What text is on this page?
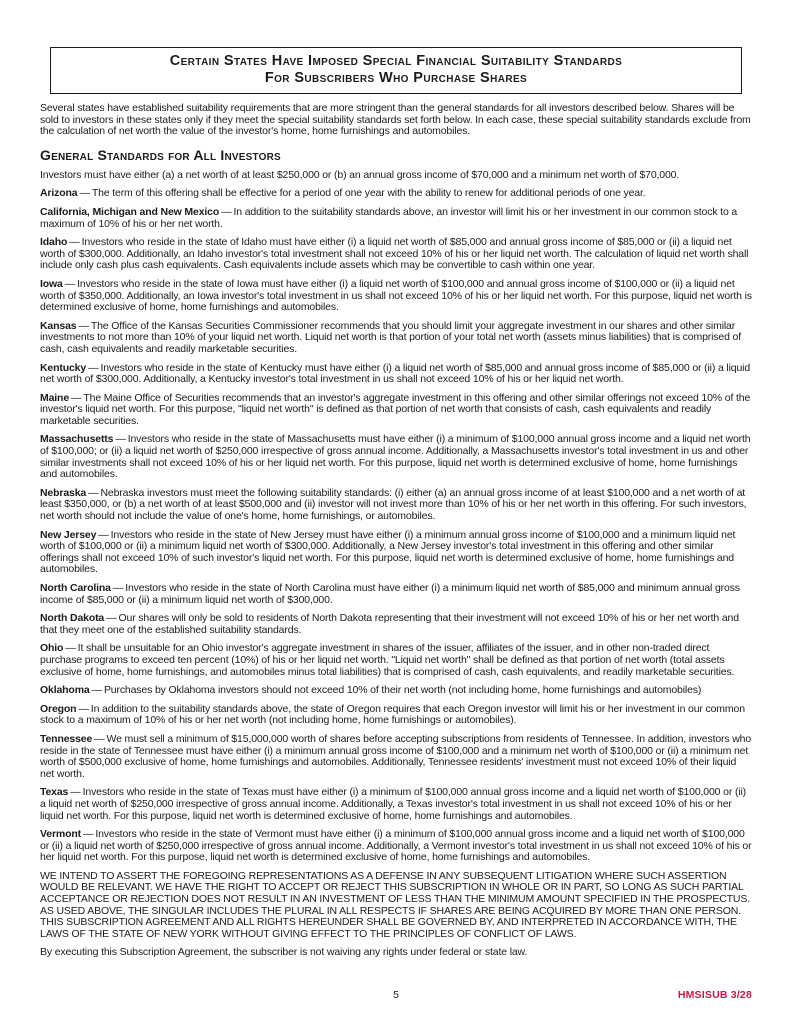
Certain States Have Imposed Special Financial Suitability Standards
For Subscribers Who Purchase Shares

Several states have established suitability requirements that are more stringent than the general standards for all investors described below. Shares will be sold to investors in these states only if they meet the special suitability standards set forth below. In each case, these special suitability standards exclude from the calculation of net worth the value of the investor's home, home furnishings and automobiles.

General Standards for All Investors

Investors must have either (a) a net worth of at least $250,000 or (b) an annual gross income of $70,000 and a minimum net worth of $70,000.

Arizona — The term of this offering shall be effective for a period of one year with the ability to renew for additional periods of one year.

California, Michigan and New Mexico — In addition to the suitability standards above, an investor will limit his or her investment in our common stock to a maximum of 10% of his or her net worth.

Idaho — Investors who reside in the state of Idaho must have either (i) a liquid net worth of $85,000 and annual gross income of $85,000 or (ii) a liquid net worth of $300,000. Additionally, an Idaho investor's total investment shall not exceed 10% of his or her liquid net worth. The calculation of liquid net worth shall include only cash plus cash equivalents. Cash equivalents include assets which may be convertible to cash within one year.

Iowa — Investors who reside in the state of Iowa must have either (i) a liquid net worth of $100,000 and annual gross income of $100,000 or (ii) a liquid net worth of $350,000. Additionally, an Iowa investor's total investment in us shall not exceed 10% of his or her liquid net worth. For this purpose, liquid net worth is determined exclusive of home, home furnishings and automobiles.

Kansas — The Office of the Kansas Securities Commissioner recommends that you should limit your aggregate investment in our shares and other similar investments to not more than 10% of your liquid net worth. Liquid net worth is that portion of your total net worth (assets minus liabilities) that is comprised of cash, cash equivalents and readily marketable securities.

Kentucky — Investors who reside in the state of Kentucky must have either (i) a liquid net worth of $85,000 and annual gross income of $85,000 or (ii) a liquid net worth of $300,000. Additionally, a Kentucky investor's total investment in us shall not exceed 10% of his or her liquid net worth.

Maine — The Maine Office of Securities recommends that an investor's aggregate investment in this offering and other similar offerings not exceed 10% of the investor's liquid net worth. For this purpose, "liquid net worth" is defined as that portion of net worth that consists of cash, cash equivalents and readily marketable securities.

Massachusetts — Investors who reside in the state of Massachusetts must have either (i) a minimum of $100,000 annual gross income and a liquid net worth of $100,000; or (ii) a liquid net worth of $250,000 irrespective of gross annual income. Additionally, a Massachusetts investor's total investment in us and other similar investments shall not exceed 10% of his or her liquid net worth. For this purpose, liquid net worth is determined exclusive of home, home furnishings and automobiles.

Nebraska — Nebraska investors must meet the following suitability standards: (i) either (a) an annual gross income of at least $100,000 and a net worth of at least $350,000, or (b) a net worth of at least $500,000 and (ii) investor will not invest more than 10% of his or her net worth in this offering. For such investors, net worth should not include the value of one's home, home furnishings, or automobiles.

New Jersey — Investors who reside in the state of New Jersey must have either (i) a minimum annual gross income of $100,000 and a minimum liquid net worth of $100,000 or (ii) a minimum liquid net worth of $300,000. Additionally, a New Jersey investor's total investment in this offering and other similar offerings shall not exceed 10% of such investor's liquid net worth. For this purpose, liquid net worth is determined exclusive of home, home furnishings and automobiles.

North Carolina — Investors who reside in the state of North Carolina must have either (i) a minimum liquid net worth of $85,000 and minimum annual gross income of $85,000 or (ii) a minimum liquid net worth of $300,000.

North Dakota — Our shares will only be sold to residents of North Dakota representing that their investment will not exceed 10% of his or her net worth and that they meet one of the established suitability standards.

Ohio — It shall be unsuitable for an Ohio investor's aggregate investment in shares of the issuer, affiliates of the issuer, and in other non-traded direct purchase programs to exceed ten percent (10%) of his or her liquid net worth. "Liquid net worth" shall be defined as that portion of net worth (total assets exclusive of home, home furnishings, and automobiles minus total liabilities) that is comprised of cash, cash equivalents, and readily marketable securities.

Oklahoma — Purchases by Oklahoma investors should not exceed 10% of their net worth (not including home, home furnishings and automobiles)

Oregon — In addition to the suitability standards above, the state of Oregon requires that each Oregon investor will limit his or her investment in our common stock to a maximum of 10% of his or her net worth (not including home, home furnishings or automobiles).

Tennessee — We must sell a minimum of $15,000,000 worth of shares before accepting subscriptions from residents of Tennessee. In addition, investors who reside in the state of Tennessee must have either (i) a minimum annual gross income of $100,000 and a minimum net worth of $100,000 or (ii) a minimum net worth of $500,000 exclusive of home, home furnishings and automobiles. Additionally, Tennessee residents' investment must not exceed 10% of their liquid net worth.

Texas — Investors who reside in the state of Texas must have either (i) a minimum of $100,000 annual gross income and a liquid net worth of $100,000 or (ii) a liquid net worth of $250,000 irrespective of gross annual income. Additionally, a Texas investor's total investment in us shall not exceed 10% of his or her liquid net worth. For this purpose, liquid net worth is determined exclusive of home, home furnishings and automobiles.

Vermont — Investors who reside in the state of Vermont must have either (i) a minimum of $100,000 annual gross income and a liquid net worth of $100,000 or (ii) a liquid net worth of $250,000 irrespective of gross annual income. Additionally, a Vermont investor's total investment in us shall not exceed 10% of his or her liquid net worth. For this purpose, liquid net worth is determined exclusive of home, home furnishings and automobiles.

WE INTEND TO ASSERT THE FOREGOING REPRESENTATIONS AS A DEFENSE IN ANY SUBSEQUENT LITIGATION WHERE SUCH ASSERTION WOULD BE RELEVANT. WE HAVE THE RIGHT TO ACCEPT OR REJECT THIS SUBSCRIPTION IN WHOLE OR IN PART, SO LONG AS SUCH PARTIAL ACCEPTANCE OR REJECTION DOES NOT RESULT IN AN INVESTMENT OF LESS THAN THE MINIMUM AMOUNT SPECIFIED IN THE PROSPECTUS. AS USED ABOVE, THE SINGULAR INCLUDES THE PLURAL IN ALL RESPECTS IF SHARES ARE BEING ACQUIRED BY MORE THAN ONE PERSON. THIS SUBSCRIPTION AGREEMENT AND ALL RIGHTS HEREUNDER SHALL BE GOVERNED BY, AND INTERPRETED IN ACCORDANCE WITH, THE LAWS OF THE STATE OF NEW YORK WITHOUT GIVING EFFECT TO THE PRINCIPLES OF CONFLICT OF LAWS.

By executing this Subscription Agreement, the subscriber is not waiving any rights under federal or state law.

5	HMSISUB 3/28
